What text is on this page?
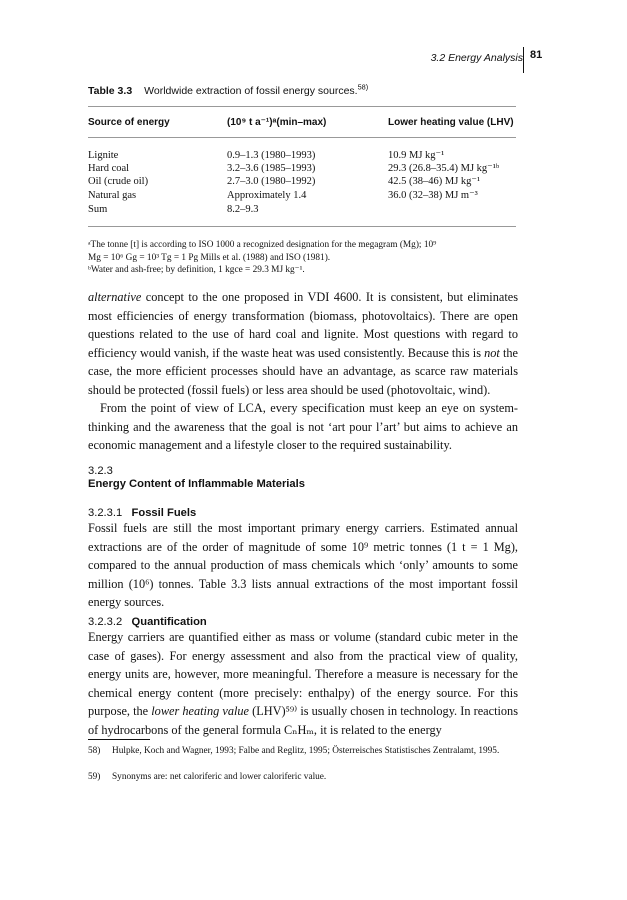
3.2 Energy Analysis 81
Table 3.3 Worldwide extraction of fossil energy sources.$^{58)}$
Source of energy	(10⁹ t a⁻¹)ᵃ(min–max)	Lower heating value (LHV)
Lignite	0.9–1.3 (1980–1993)	10.9 MJ kg⁻¹
Hard coal	3.2–3.6 (1985–1993)	29.3 (26.8–35.4) MJ kg⁻¹ᵇ
Oil (crude oil)	2.7–3.0 (1980–1992)	42.5 (38–46) MJ kg⁻¹
Natural gas	Approximately 1.4	36.0 (32–38) MJ m⁻³
Sum	8.2–9.3
ᵃThe tonne [t] is according to ISO 1000 a recognized designation for the megagram (Mg); 10⁹
Mg = 10⁶ Gg = 10³ Tg = 1 Pg Mills et al. (1988) and ISO (1981).
ᵇWater and ash-free; by definition, 1 kgce = 29.3 MJ kg⁻¹.

alternative concept to the one proposed in VDI 4600. It is consistent, but eliminates most efficiencies of energy transformation (biomass, photovoltaics). There are open questions related to the use of hard coal and lignite. Most questions with regard to efficiency would vanish, if the waste heat was used consistently. Because this is not the case, the more efficient processes should have an advantage, as scarce raw materials should be protected (fossil fuels) or less area should be used (photovoltaic, wind).

From the point of view of LCA, every specification must keep an eye on system-thinking and the awareness that the goal is not ‘art pour l’art’ but aims to achieve an economic management and a lifestyle closer to the required sustainability.

3.2.3
Energy Content of Inflammable Materials
3.2.3.1 Fossil Fuels
Fossil fuels are still the most important primary energy carriers. Estimated annual extractions are of the order of magnitude of some 10⁹ metric tonnes (1 t = 1 Mg), compared to the annual production of mass chemicals which ‘only’ amounts to some million (10⁶) tonnes. Table 3.3 lists annual extractions of the most important fossil energy sources.
3.2.3.2 Quantification
Energy carriers are quantified either as mass or volume (standard cubic meter in the case of gases). For energy assessment and also from the practical view of quality, energy units are, however, more meaningful. Therefore a measure is necessary for the chemical energy content (more precisely: enthalpy) of the energy source. For this purpose, the lower heating value (LHV)⁵⁹⁾ is usually chosen in technology. In reactions of hydrocarbons of the general formula CₙHₘ, it is related to the energy
58) Hulpke, Koch and Wagner, 1993; Falbe and Reglitz, 1995; Österreisches Statistisches Zentralamt, 1995.
59) Synonyms are: net caloriferic and lower caloriferic value.
